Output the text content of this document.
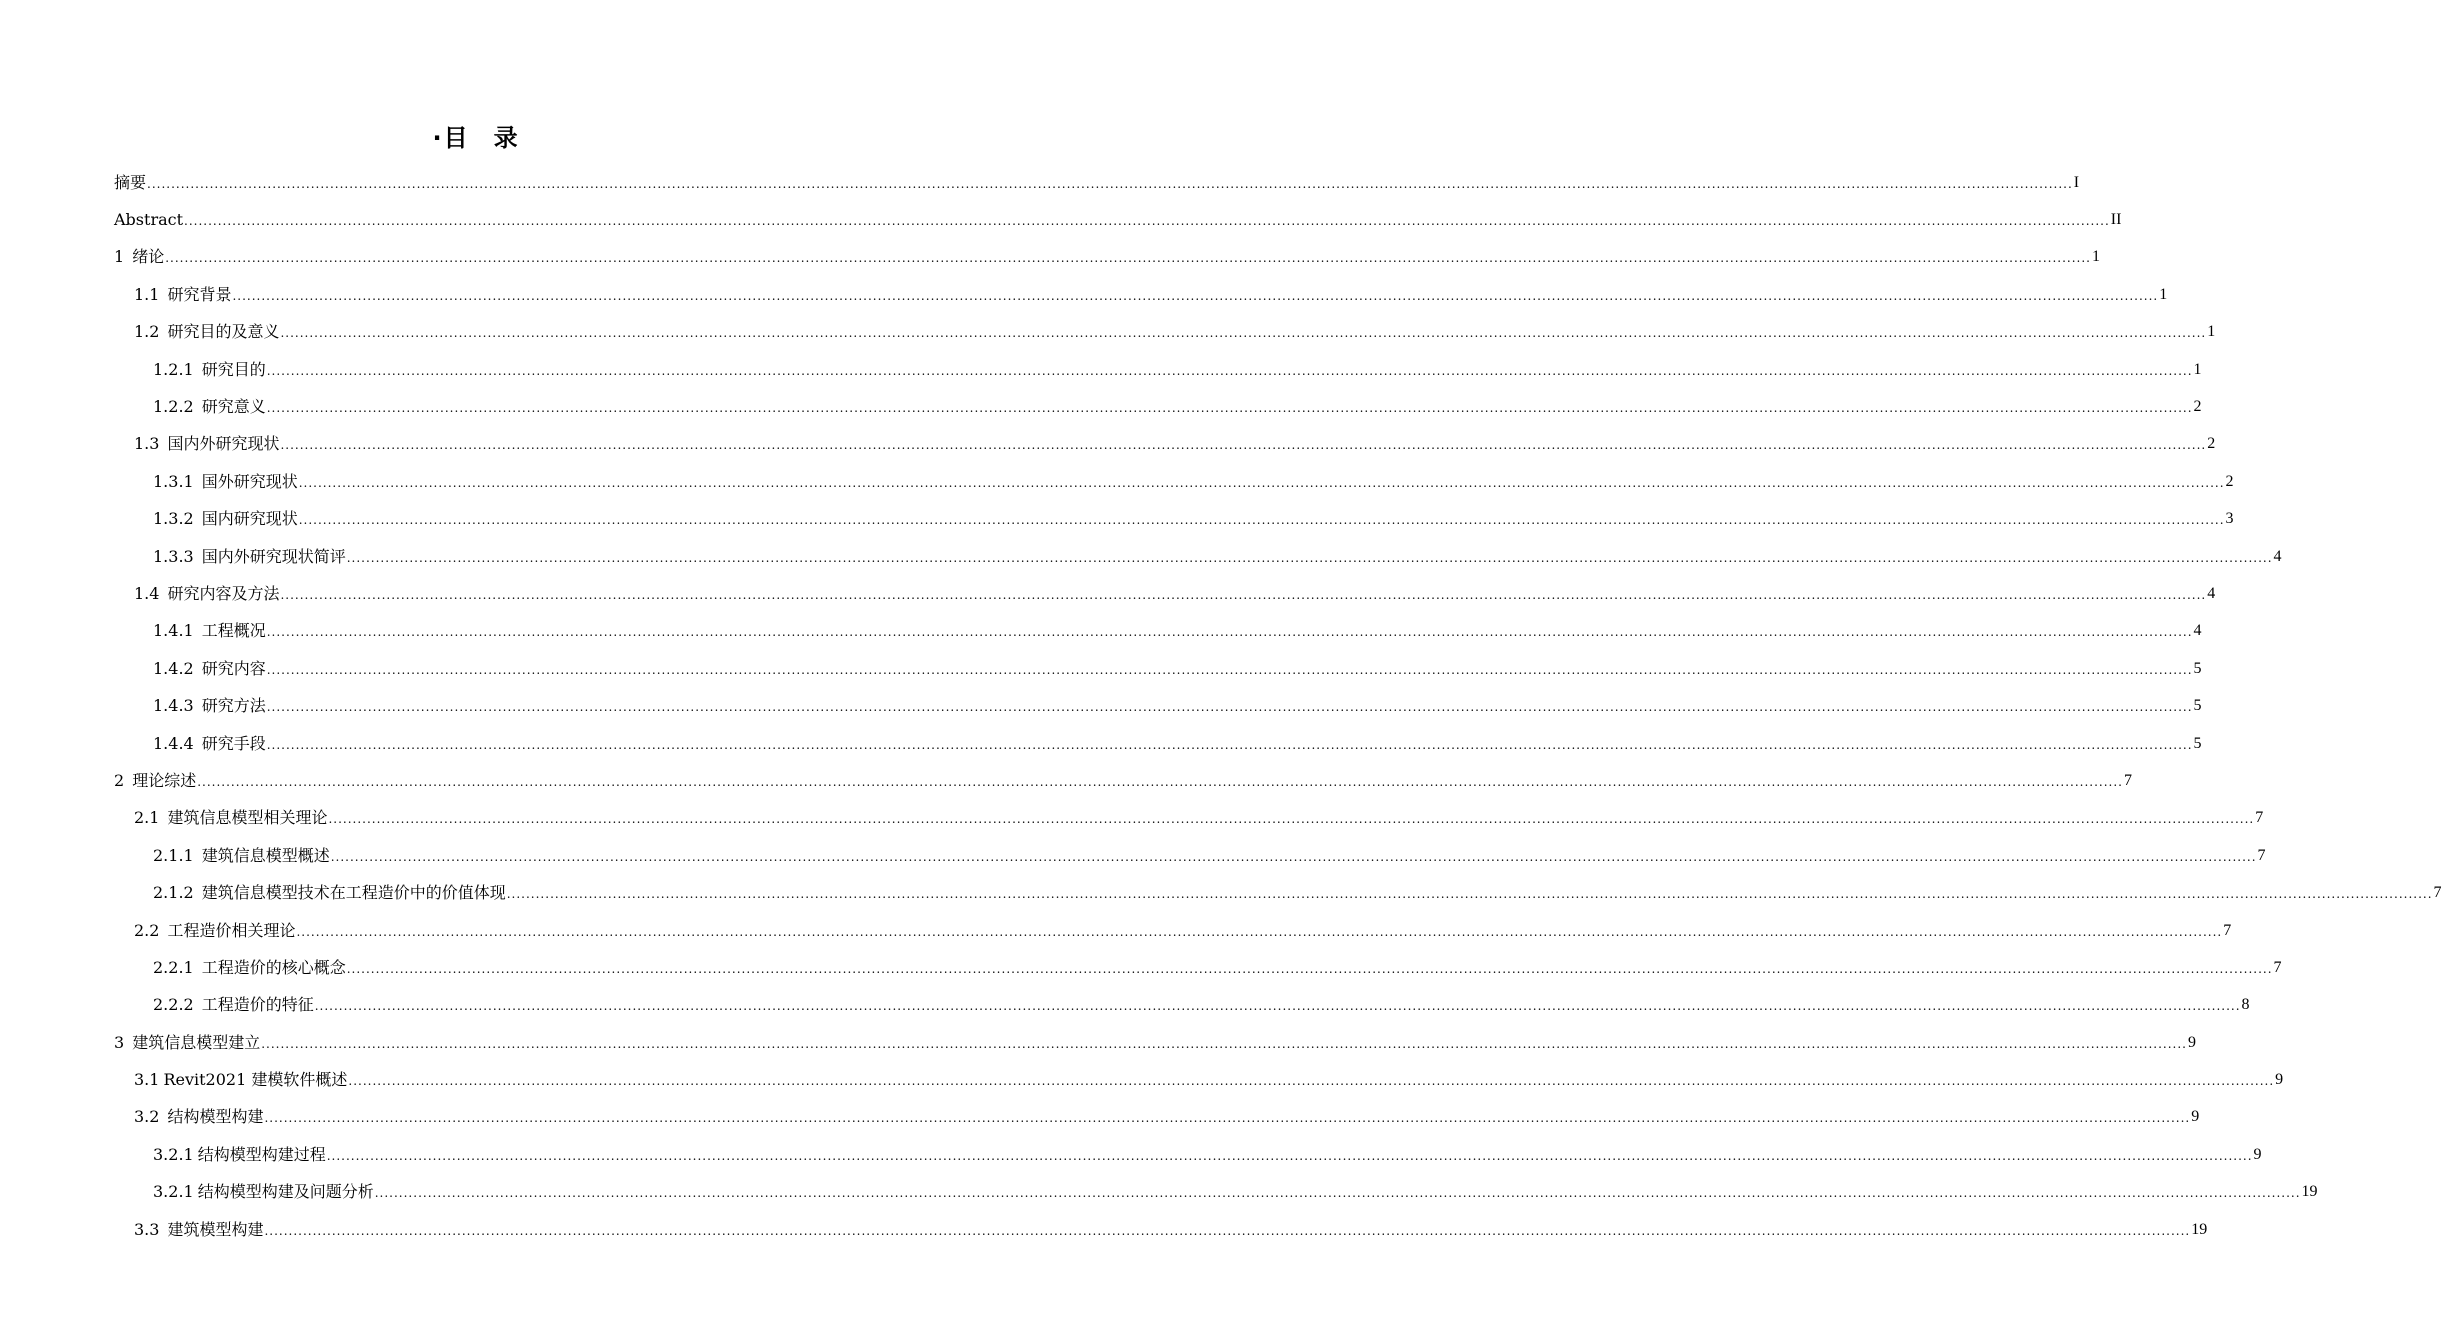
·目 录
摘要 ................................................................................................................................................................................................................................................................................................................................................................................................................ I
Abstract ................................................................................................................................................................................................................................................................................................................................................................................................................ II
1 绪论 ................................................................................................................................................................................................................................................................................................................................................................................................................ 1
1.1 研究背景 ................................................................................................................................................................................................................................................................................................................................................................................................................ 1
1.2 研究目的及意义 ................................................................................................................................................................................................................................................................................................................................................................................................................ 1
1.2.1 研究目的 ................................................................................................................................................................................................................................................................................................................................................................................................................ 1
1.2.2 研究意义 ................................................................................................................................................................................................................................................................................................................................................................................................................ 2
1.3 国内外研究现状 ................................................................................................................................................................................................................................................................................................................................................................................................................ 2
1.3.1 国外研究现状 ................................................................................................................................................................................................................................................................................................................................................................................................................ 2
1.3.2 国内研究现状 ................................................................................................................................................................................................................................................................................................................................................................................................................ 3
1.3.3 国内外研究现状简评 ................................................................................................................................................................................................................................................................................................................................................................................................................ 4
1.4 研究内容及方法 ................................................................................................................................................................................................................................................................................................................................................................................................................ 4
1.4.1 工程概况 ................................................................................................................................................................................................................................................................................................................................................................................................................ 4
1.4.2 研究内容 ................................................................................................................................................................................................................................................................................................................................................................................................................ 5
1.4.3 研究方法 ................................................................................................................................................................................................................................................................................................................................................................................................................ 5
1.4.4 研究手段 ................................................................................................................................................................................................................................................................................................................................................................................................................ 5
2 理论综述 ................................................................................................................................................................................................................................................................................................................................................................................................................ 7
2.1 建筑信息模型相关理论 ................................................................................................................................................................................................................................................................................................................................................................................................................ 7
2.1.1 建筑信息模型概述 ................................................................................................................................................................................................................................................................................................................................................................................................................ 7
2.1.2 建筑信息模型技术在工程造价中的价值体现 ................................................................................................................................................................................................................................................................................................................................................................................................................ 7
2.2 工程造价相关理论 ................................................................................................................................................................................................................................................................................................................................................................................................................ 7
2.2.1 工程造价的核心概念 ................................................................................................................................................................................................................................................................................................................................................................................................................ 7
2.2.2 工程造价的特征 ................................................................................................................................................................................................................................................................................................................................................................................................................ 8
3 建筑信息模型建立 ................................................................................................................................................................................................................................................................................................................................................................................................................ 9
3.1 Revit2021 建模软件概述 ................................................................................................................................................................................................................................................................................................................................................................................................................ 9
3.2 结构模型构建 ................................................................................................................................................................................................................................................................................................................................................................................................................ 9
3.2.1 结构模型构建过程 ................................................................................................................................................................................................................................................................................................................................................................................................................ 9
3.2.1 结构模型构建及问题分析 ................................................................................................................................................................................................................................................................................................................................................................................................................ 19
3.3 建筑模型构建 ................................................................................................................................................................................................................................................................................................................................................................................................................ 19
